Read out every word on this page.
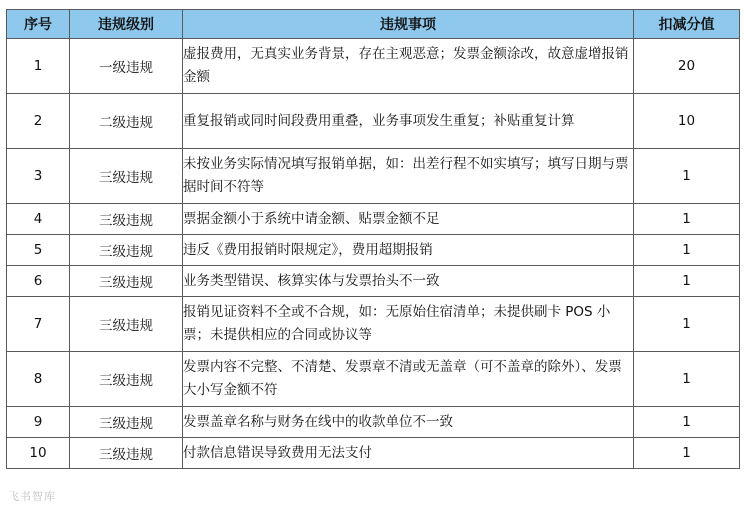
序号	违规级别	违规事项	扣减分值
1	一级违规	虚报费用，无真实业务背景，存在主观恶意；发票金额涂改，故意虚增报销金额	20
2	二级违规	重复报销或同时间段费用重叠，业务事项发生重复；补贴重复计算	10
3	三级违规	未按业务实际情况填写报销单据，如：出差行程不如实填写；填写日期与票据时间不符等	1
4	三级违规	票据金额小于系统中请金额、贴票金额不足	1
5	三级违规	违反《费用报销时限规定》，费用超期报销	1
6	三级违规	业务类型错误、核算实体与发票抬头不一致	1
7	三级违规	报销见证资料不全或不合规，如：无原始住宿清单；未提供刷卡 POS 小票；未提供相应的合同或协议等	1
8	三级违规	发票内容不完整、不清楚、发票章不清或无盖章（可不盖章的除外）、发票大小写金额不符	1
9	三级违规	发票盖章名称与财务在线中的收款单位不一致	1
10	三级违规	付款信息错误导致费用无法支付	1
飞书智库
